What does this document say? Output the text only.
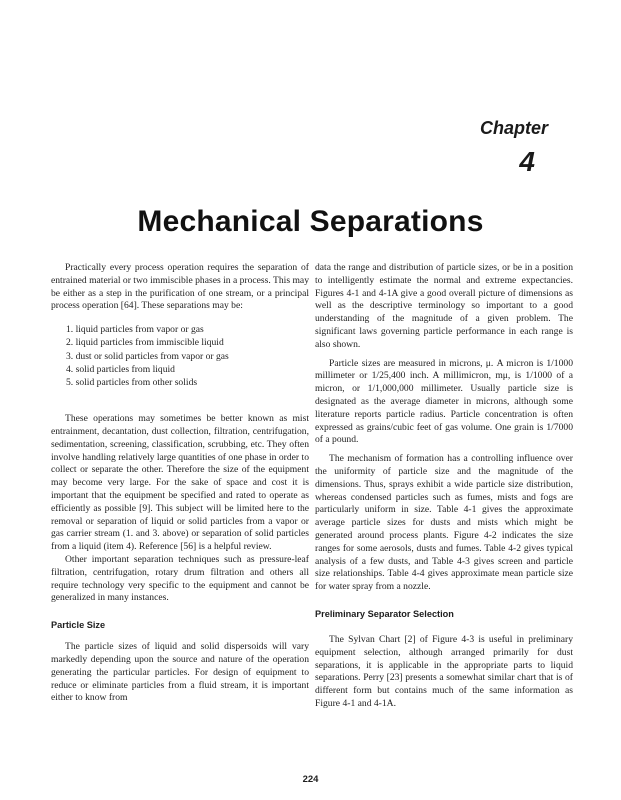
Chapter
4
Mechanical Separations

Practically every process operation requires the separation of entrained material or two immiscible phases in a process. This may be either as a step in the purification of one stream, or a principal process operation [64]. These separations may be:

1. liquid particles from vapor or gas
2. liquid particles from immiscible liquid
3. dust or solid particles from vapor or gas
4. solid particles from liquid
5. solid particles from other solids

These operations may sometimes be better known as mist entrainment, decantation, dust collection, filtration, centrifugation, sedimentation, screening, classification, scrubbing, etc. They often involve handling relatively large quantities of one phase in order to collect or separate the other. Therefore the size of the equipment may become very large. For the sake of space and cost it is important that the equipment be specified and rated to operate as efficiently as possible [9]. This subject will be limited here to the removal or separation of liquid or solid particles from a vapor or gas carrier stream (1. and 3. above) or separation of solid particles from a liquid (item 4). Reference [56] is a helpful review.

Other important separation techniques such as pressure-leaf filtration, centrifugation, rotary drum filtration and others all require technology very specific to the equipment and cannot be generalized in many instances.

Particle Size

The particle sizes of liquid and solid dispersoids will vary markedly depending upon the source and nature of the operation generating the particular particles. For design of equipment to reduce or eliminate particles from a fluid stream, it is important either to know from

data the range and distribution of particle sizes, or be in a position to intelligently estimate the normal and extreme expectancies. Figures 4-1 and 4-1A give a good overall picture of dimensions as well as the descriptive terminology so important to a good understanding of the magnitude of a given problem. The significant laws governing particle performance in each range is also shown.

Particle sizes are measured in microns, μ. A micron is 1/1000 millimeter or 1/25,400 inch. A millimicron, mμ, is 1/1000 of a micron, or 1/1,000,000 millimeter. Usually particle size is designated as the average diameter in microns, although some literature reports particle radius. Particle concentration is often expressed as grains/cubic feet of gas volume. One grain is 1/7000 of a pound.

The mechanism of formation has a controlling influence over the uniformity of particle size and the magnitude of the dimensions. Thus, sprays exhibit a wide particle size distribution, whereas condensed particles such as fumes, mists and fogs are particularly uniform in size. Table 4-1 gives the approximate average particle sizes for dusts and mists which might be generated around process plants. Figure 4-2 indicates the size ranges for some aerosols, dusts and fumes. Table 4-2 gives typical analysis of a few dusts, and Table 4-3 gives screen and particle size relationships. Table 4-4 gives approximate mean particle size for water spray from a nozzle.

Preliminary Separator Selection

The Sylvan Chart [2] of Figure 4-3 is useful in preliminary equipment selection, although arranged primarily for dust separations, it is applicable in the appropriate parts to liquid separations. Perry [23] presents a somewhat similar chart that is of different form but contains much of the same information as Figure 4-1 and 4-1A.

224
